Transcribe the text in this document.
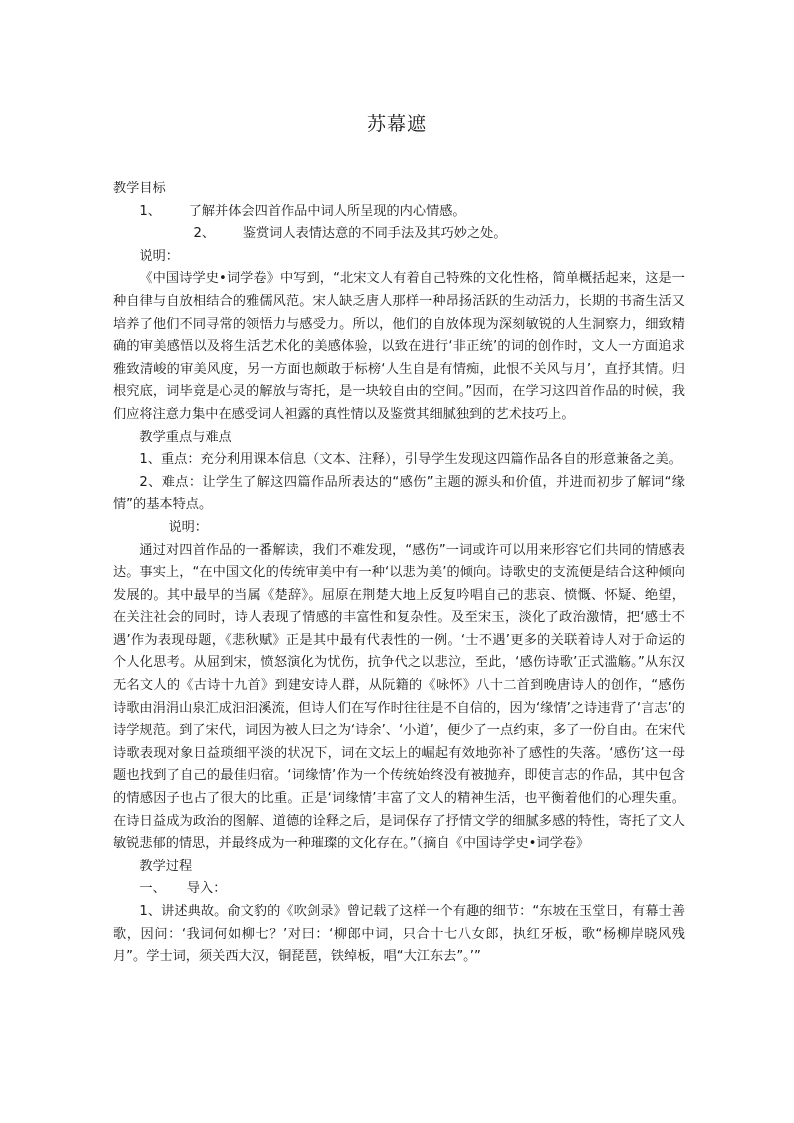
苏幕遮

教学目标

1、 了解并体会四首作品中词人所呈现的内心情感。

2、 鉴赏词人表情达意的不同手法及其巧妙之处。

说明：

《中国诗学史•词学卷》中写到，“北宋文人有着自己特殊的文化性格，简单概括起来，这是一种自律与自放相结合的雅儒风范。宋人缺乏唐人那样一种昂扬活跃的生动活力，长期的书斋生活又培养了他们不同寻常的领悟力与感受力。所以，他们的自放体现为深刻敏锐的人生洞察力，细致精确的审美感悟以及将生活艺术化的美感体验，以致在进行‘非正统’的词的创作时，文人一方面追求雅致清峻的审美风度，另一方面也颇敢于标榜‘人生自是有情痴，此恨不关风与月’，直抒其情。归根究底，词毕竟是心灵的解放与寄托，是一块较自由的空间。”因而，在学习这四首作品的时候，我们应将注意力集中在感受词人袒露的真性情以及鉴赏其细腻独到的艺术技巧上。

教学重点与难点

1、重点：充分利用课本信息（文本、注释），引导学生发现这四篇作品各自的形意兼备之美。

2、难点：让学生了解这四篇作品所表达的“感伤”主题的源头和价值，并进而初步了解词“缘情”的基本特点。

说明：

通过对四首作品的一番解读，我们不难发现，“感伤”一词或许可以用来形容它们共同的情感表达。事实上，“在中国文化的传统审美中有一种‘以悲为美’的倾向。诗歌史的支流便是结合这种倾向发展的。其中最早的当属《楚辞》。屈原在荆楚大地上反复吟唱自己的悲哀、愤慨、怀疑、绝望，在关注社会的同时，诗人表现了情感的丰富性和复杂性。及至宋玉，淡化了政治激情，把‘感士不遇’作为表现母题，《悲秋赋》正是其中最有代表性的一例。‘士不遇’更多的关联着诗人对于命运的个人化思考。从屈到宋，愤怒演化为忧伤，抗争代之以悲泣，至此，‘感伤诗歌’正式滥觞。”从东汉无名文人的《古诗十九首》到建安诗人群，从阮籍的《咏怀》八十二首到晚唐诗人的创作，“感伤诗歌由涓涓山泉汇成汩汩溪流，但诗人们在写作时往往是不自信的，因为‘缘情’之诗违背了‘言志’的诗学规范。到了宋代，词因为被人曰之为‘诗余’、‘小道’，便少了一点约束，多了一份自由。在宋代诗歌表现对象日益琐细平淡的状况下，词在文坛上的崛起有效地弥补了感性的失落。‘感伤’这一母题也找到了自己的最佳归宿。‘词缘情’作为一个传统始终没有被抛弃，即使言志的作品，其中包含的情感因子也占了很大的比重。正是‘词缘情’丰富了文人的精神生活，也平衡着他们的心理失重。在诗日益成为政治的图解、道德的诠释之后，是词保存了抒情文学的细腻多感的特性，寄托了文人敏锐悲郁的情思，并最终成为一种璀璨的文化存在。”（摘自《中国诗学史•词学卷》

教学过程

一、 导入：

1、讲述典故。俞文豹的《吹剑录》曾记载了这样一个有趣的细节：“东坡在玉堂日，有幕士善歌，因问：‘我词何如柳七？’对曰：‘柳郎中词，只合十七八女郎，执红牙板，歌“杨柳岸晓风残月”。学士词，须关西大汉，铜琵琶，铁绰板，唱“大江东去”。’”
